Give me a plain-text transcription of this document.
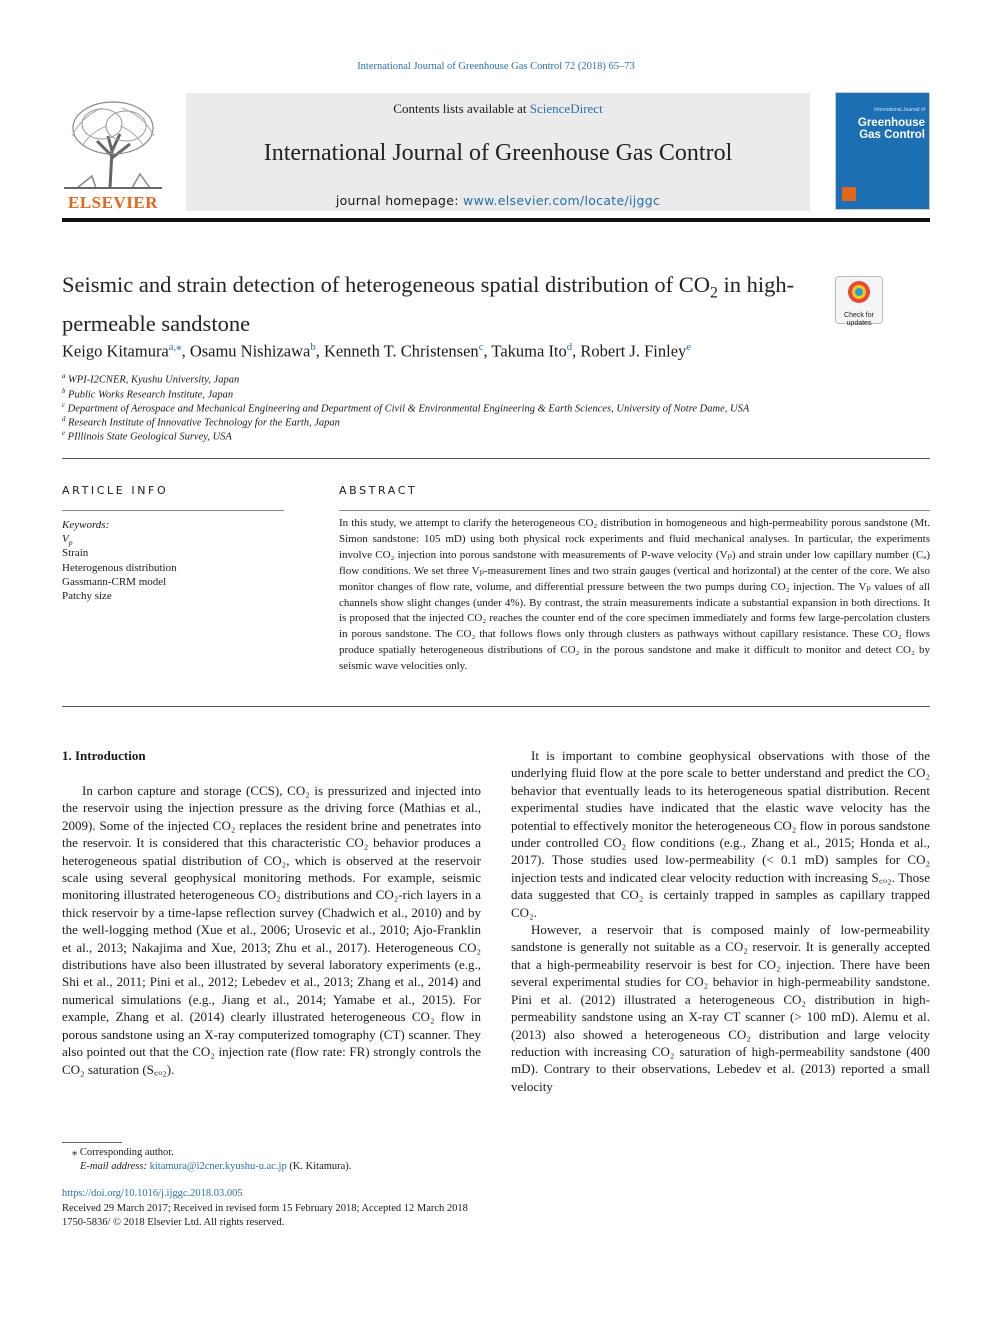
International Journal of Greenhouse Gas Control 72 (2018) 65–73
ELSEVIER
Contents lists available at ScienceDirect
International Journal of Greenhouse Gas Control
journal homepage: www.elsevier.com/locate/ijggc
International Journal of
Greenhouse Gas Control
Seismic and strain detection of heterogeneous spatial distribution of $CO_2$ in high- permeable sandstone	Check for updates
Keigo Kitamura$^{a,⁎}$, Osamu Nishizawa$^b$, Kenneth T. Christensen$^c$, Takuma Ito$^d$, Robert J. Finley$^e$
$^a$ WPI-I2CNER, Kyushu University, Japan
$^b$ Public Works Research Institute, Japan
$^c$ Department of Aerospace and Mechanical Engineering and Department of Civil & Environmental Engineering & Earth Sciences, University of Notre Dame, USA
$^d$ Research Institute of Innovative Technology for the Earth, Japan
$^e$ PIllinois State Geological Survey, USA
ARTICLE INFO
Keywords:
$V_p$
Strain
Heterogenous distribution
Gassmann-CRM model
Patchy size
ABSTRACT
In this study, we attempt to clarify the heterogeneous CO₂ distribution in homogeneous and high-permeability porous sandstone (Mt. Simon sandstone: 105 mD) using both physical rock experiments and fluid mechanical analyses. In particular, the experiments involve CO₂ injection into porous sandstone with measurements of P-wave velocity (Vₚ) and strain under low capillary number (Cₐ) flow conditions. We set three Vₚ-measurement lines and two strain gauges (vertical and horizontal) at the center of the core. We also monitor changes of flow rate, volume, and differential pressure between the two pumps during CO₂ injection. The Vₚ values of all channels show slight changes (under 4%). By contrast, the strain measurements indicate a substantial expansion in both directions. It is proposed that the injected CO₂ reaches the counter end of the core specimen immediately and forms few large-percolation clusters in porous sandstone. The CO₂ that follows flows only through clusters as pathways without capillary resistance. These CO₂ flows produce spatially heterogeneous distributions of CO₂ in the porous sandstone and make it difficult to monitor and detect CO₂ by seismic wave velocities only.
1. Introduction

In carbon capture and storage (CCS), CO₂ is pressurized and injected into the reservoir using the injection pressure as the driving force (Mathias et al., 2009). Some of the injected CO₂ replaces the resident brine and penetrates into the reservoir. It is considered that this characteristic CO₂ behavior produces a heterogeneous spatial distribution of CO₂, which is observed at the reservoir scale using several geophysical monitoring methods. For example, seismic monitoring illustrated heterogeneous CO₂ distributions and CO₂-rich layers in a thick reservoir by a time-lapse reflection survey (Chadwich et al., 2010) and by the well-logging method (Xue et al., 2006; Urosevic et al., 2010; Ajo-Franklin et al., 2013; Nakajima and Xue, 2013; Zhu et al., 2017). Heterogeneous CO₂ distributions have also been illustrated by several laboratory experiments (e.g., Shi et al., 2011; Pini et al., 2012; Lebedev et al., 2013; Zhang et al., 2014) and numerical simulations (e.g., Jiang et al., 2014; Yamabe et al., 2015). For example, Zhang et al. (2014) clearly illustrated heterogeneous CO₂ flow in porous sandstone using an X-ray computerized tomography (CT) scanner. They also pointed out that the CO₂ injection rate (flow rate: FR) strongly controls the CO₂ saturation (S꜀ₒ₂).

It is important to combine geophysical observations with those of the underlying fluid flow at the pore scale to better understand and predict the CO₂ behavior that eventually leads to its heterogeneous spatial distribution. Recent experimental studies have indicated that the elastic wave velocity has the potential to effectively monitor the heterogeneous CO₂ flow in porous sandstone under controlled CO₂ flow conditions (e.g., Zhang et al., 2015; Honda et al., 2017). Those studies used low-permeability (< 0.1 mD) samples for CO₂ injection tests and indicated clear velocity reduction with increasing S꜀ₒ₂. Those data suggested that CO₂ is certainly trapped in samples as capillary trapped CO₂.

However, a reservoir that is composed mainly of low-permeability sandstone is generally not suitable as a CO₂ reservoir. It is generally accepted that a high-permeability reservoir is best for CO₂ injection. There have been several experimental studies for CO₂ behavior in high-permeability sandstone. Pini et al. (2012) illustrated a heterogeneous CO₂ distribution in high-permeability sandstone using an X-ray CT scanner (> 100 mD). Alemu et al. (2013) also showed a heterogeneous CO₂ distribution and large velocity reduction with increasing CO₂ saturation of high-permeability sandstone (400 mD). Contrary to their observations, Lebedev et al. (2013) reported a small velocity

⁎ Corresponding author.
E-mail address: kitamura@i2cner.kyushu-u.ac.jp (K. Kitamura).
https://doi.org/10.1016/j.ijggc.2018.03.005
Received 29 March 2017; Received in revised form 15 February 2018; Accepted 12 March 2018
1750-5836/ © 2018 Elsevier Ltd. All rights reserved.
